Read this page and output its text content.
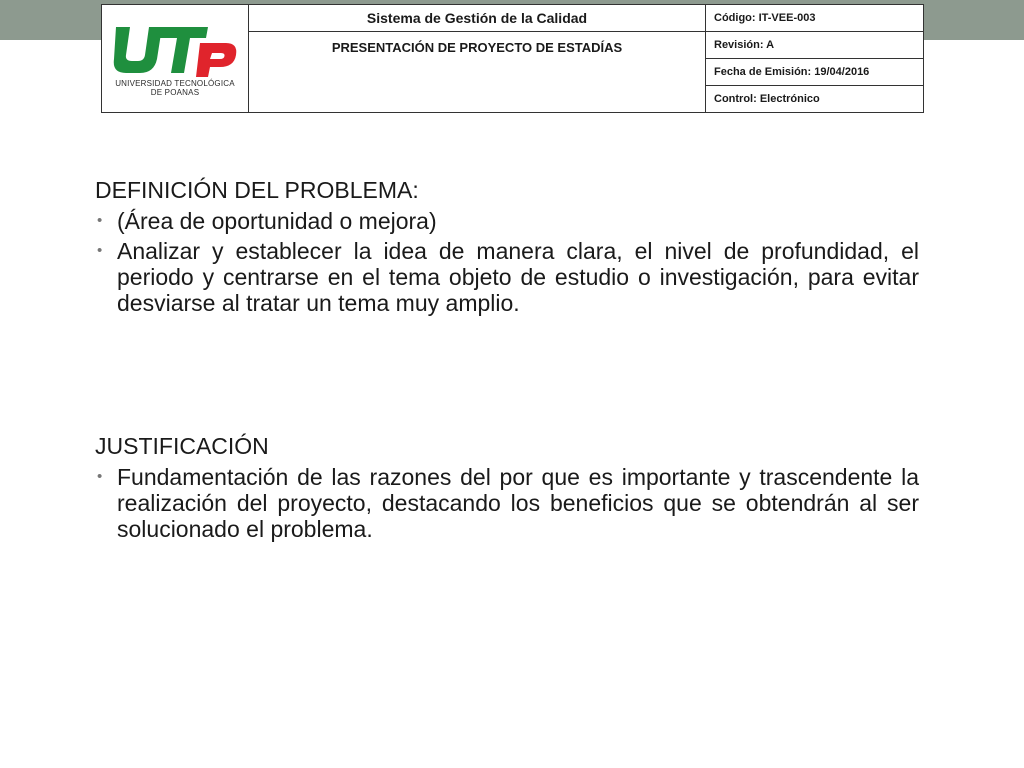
UNIVERSIDAD TECNOLÓGICA
DE POANAS	Sistema de Gestión de la Calidad	Código: IT-VEE-003
	PRESENTACIÓN DE PROYECTO DE ESTADÍAS	Revisión: A
		Fecha de Emisión: 19/04/2016
		Control: Electrónico
DEFINICIÓN DEL PROBLEMA:
• (Área de oportunidad o mejora)
• Analizar y establecer la idea de manera clara, el nivel de profundidad, el periodo y centrarse en el tema objeto de estudio o investigación, para evitar desviarse al tratar un tema muy amplio.
JUSTIFICACIÓN
• Fundamentación de las razones del por que es importante y trascendente la realización del proyecto, destacando los beneficios que se obtendrán al ser solucionado el problema.
